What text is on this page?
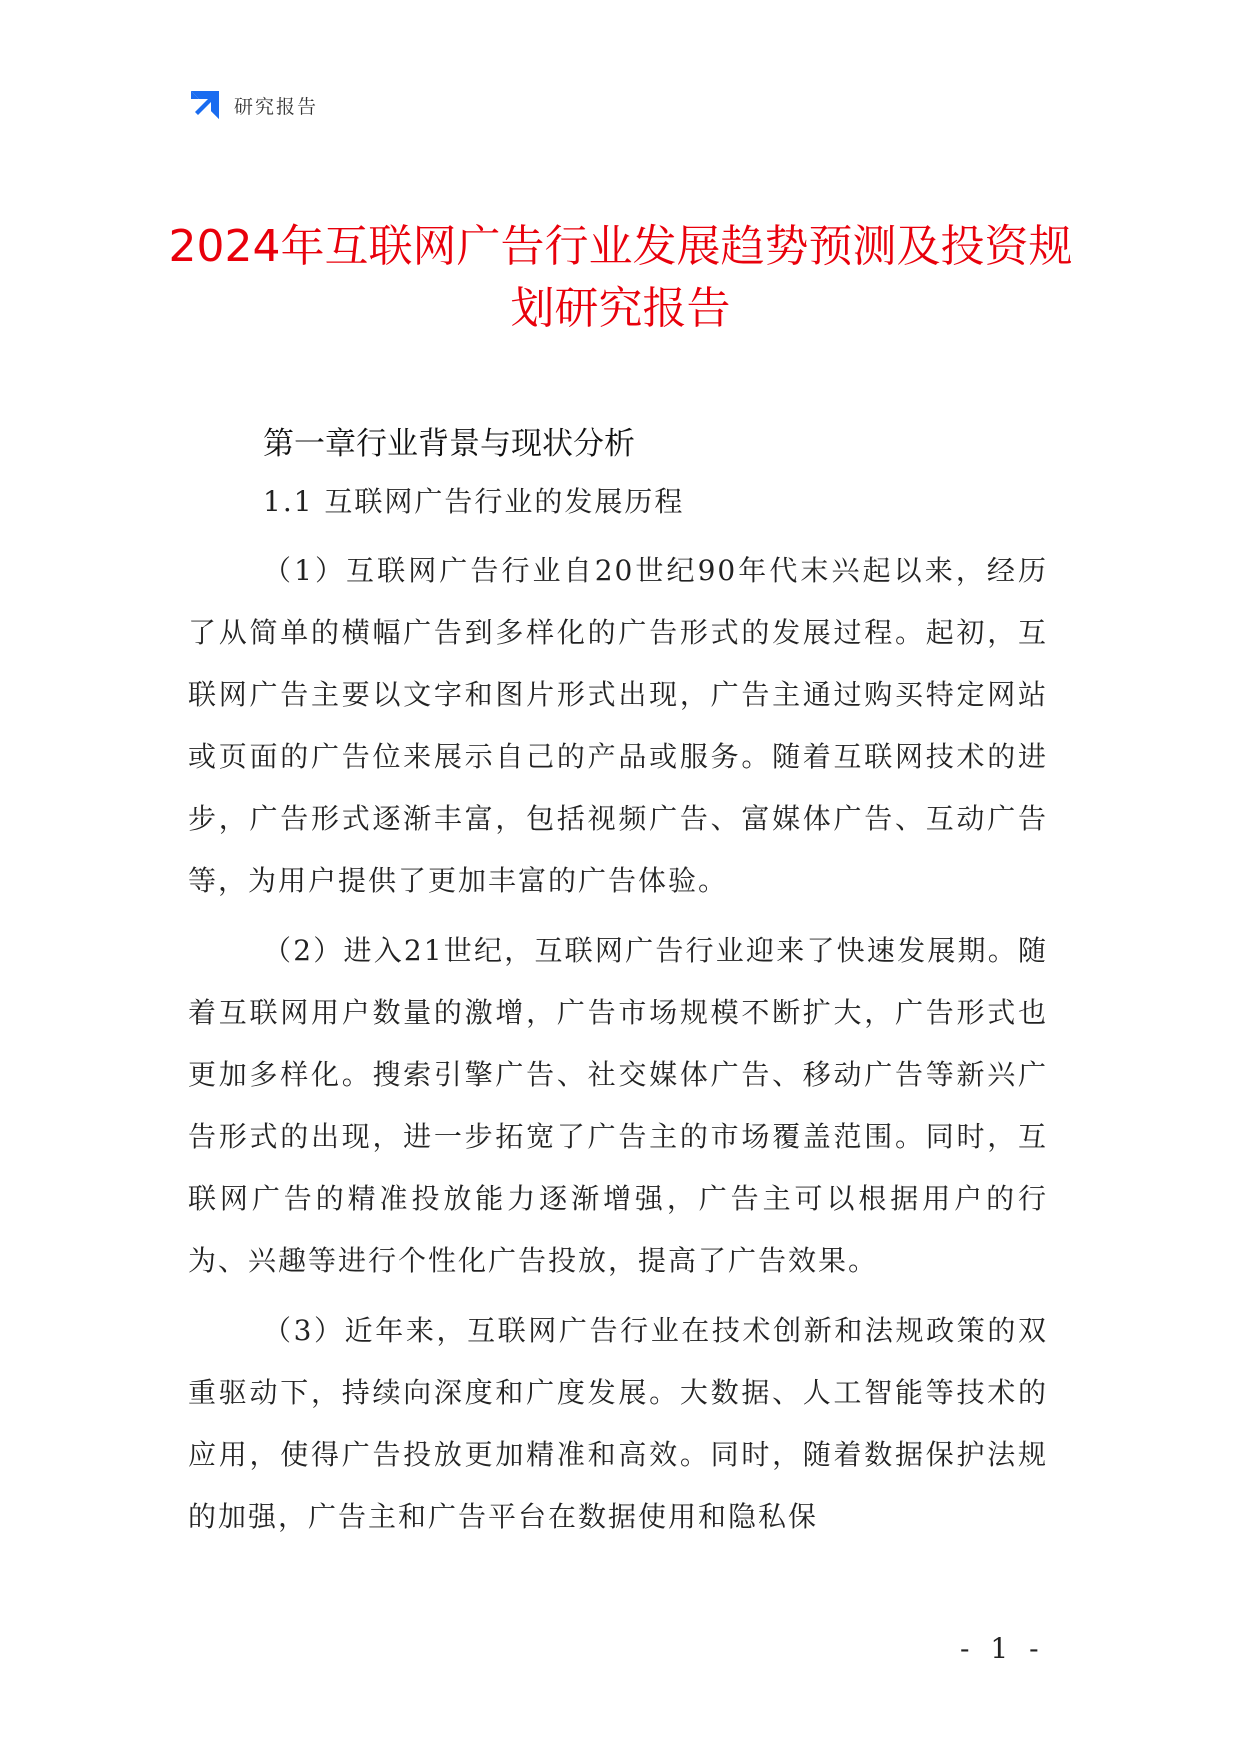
研究报告
2024年互联网广告行业发展趋势预测及投资规划研究报告
第一章行业背景与现状分析
1.1 互联网广告行业的发展历程

（1）互联网广告行业自20世纪90年代末兴起以来，经历了从简单的横幅广告到多样化的广告形式的发展过程。起初，互联网广告主要以文字和图片形式出现，广告主通过购买特定网站或页面的广告位来展示自己的产品或服务。随着互联网技术的进步，广告形式逐渐丰富，包括视频广告、富媒体广告、互动广告等，为用户提供了更加丰富的广告体验。

（2）进入21世纪，互联网广告行业迎来了快速发展期。随着互联网用户数量的激增，广告市场规模不断扩大，广告形式也更加多样化。搜索引擎广告、社交媒体广告、移动广告等新兴广告形式的出现，进一步拓宽了广告主的市场覆盖范围。同时，互联网广告的精准投放能力逐渐增强，广告主可以根据用户的行为、兴趣等进行个性化广告投放，提高了广告效果。

（3）近年来，互联网广告行业在技术创新和法规政策的双重驱动下，持续向深度和广度发展。大数据、人工智能等技术的应用，使得广告投放更加精准和高效。同时，随着数据保护法规的加强，广告主和广告平台在数据使用和隐私保

- 1 -
